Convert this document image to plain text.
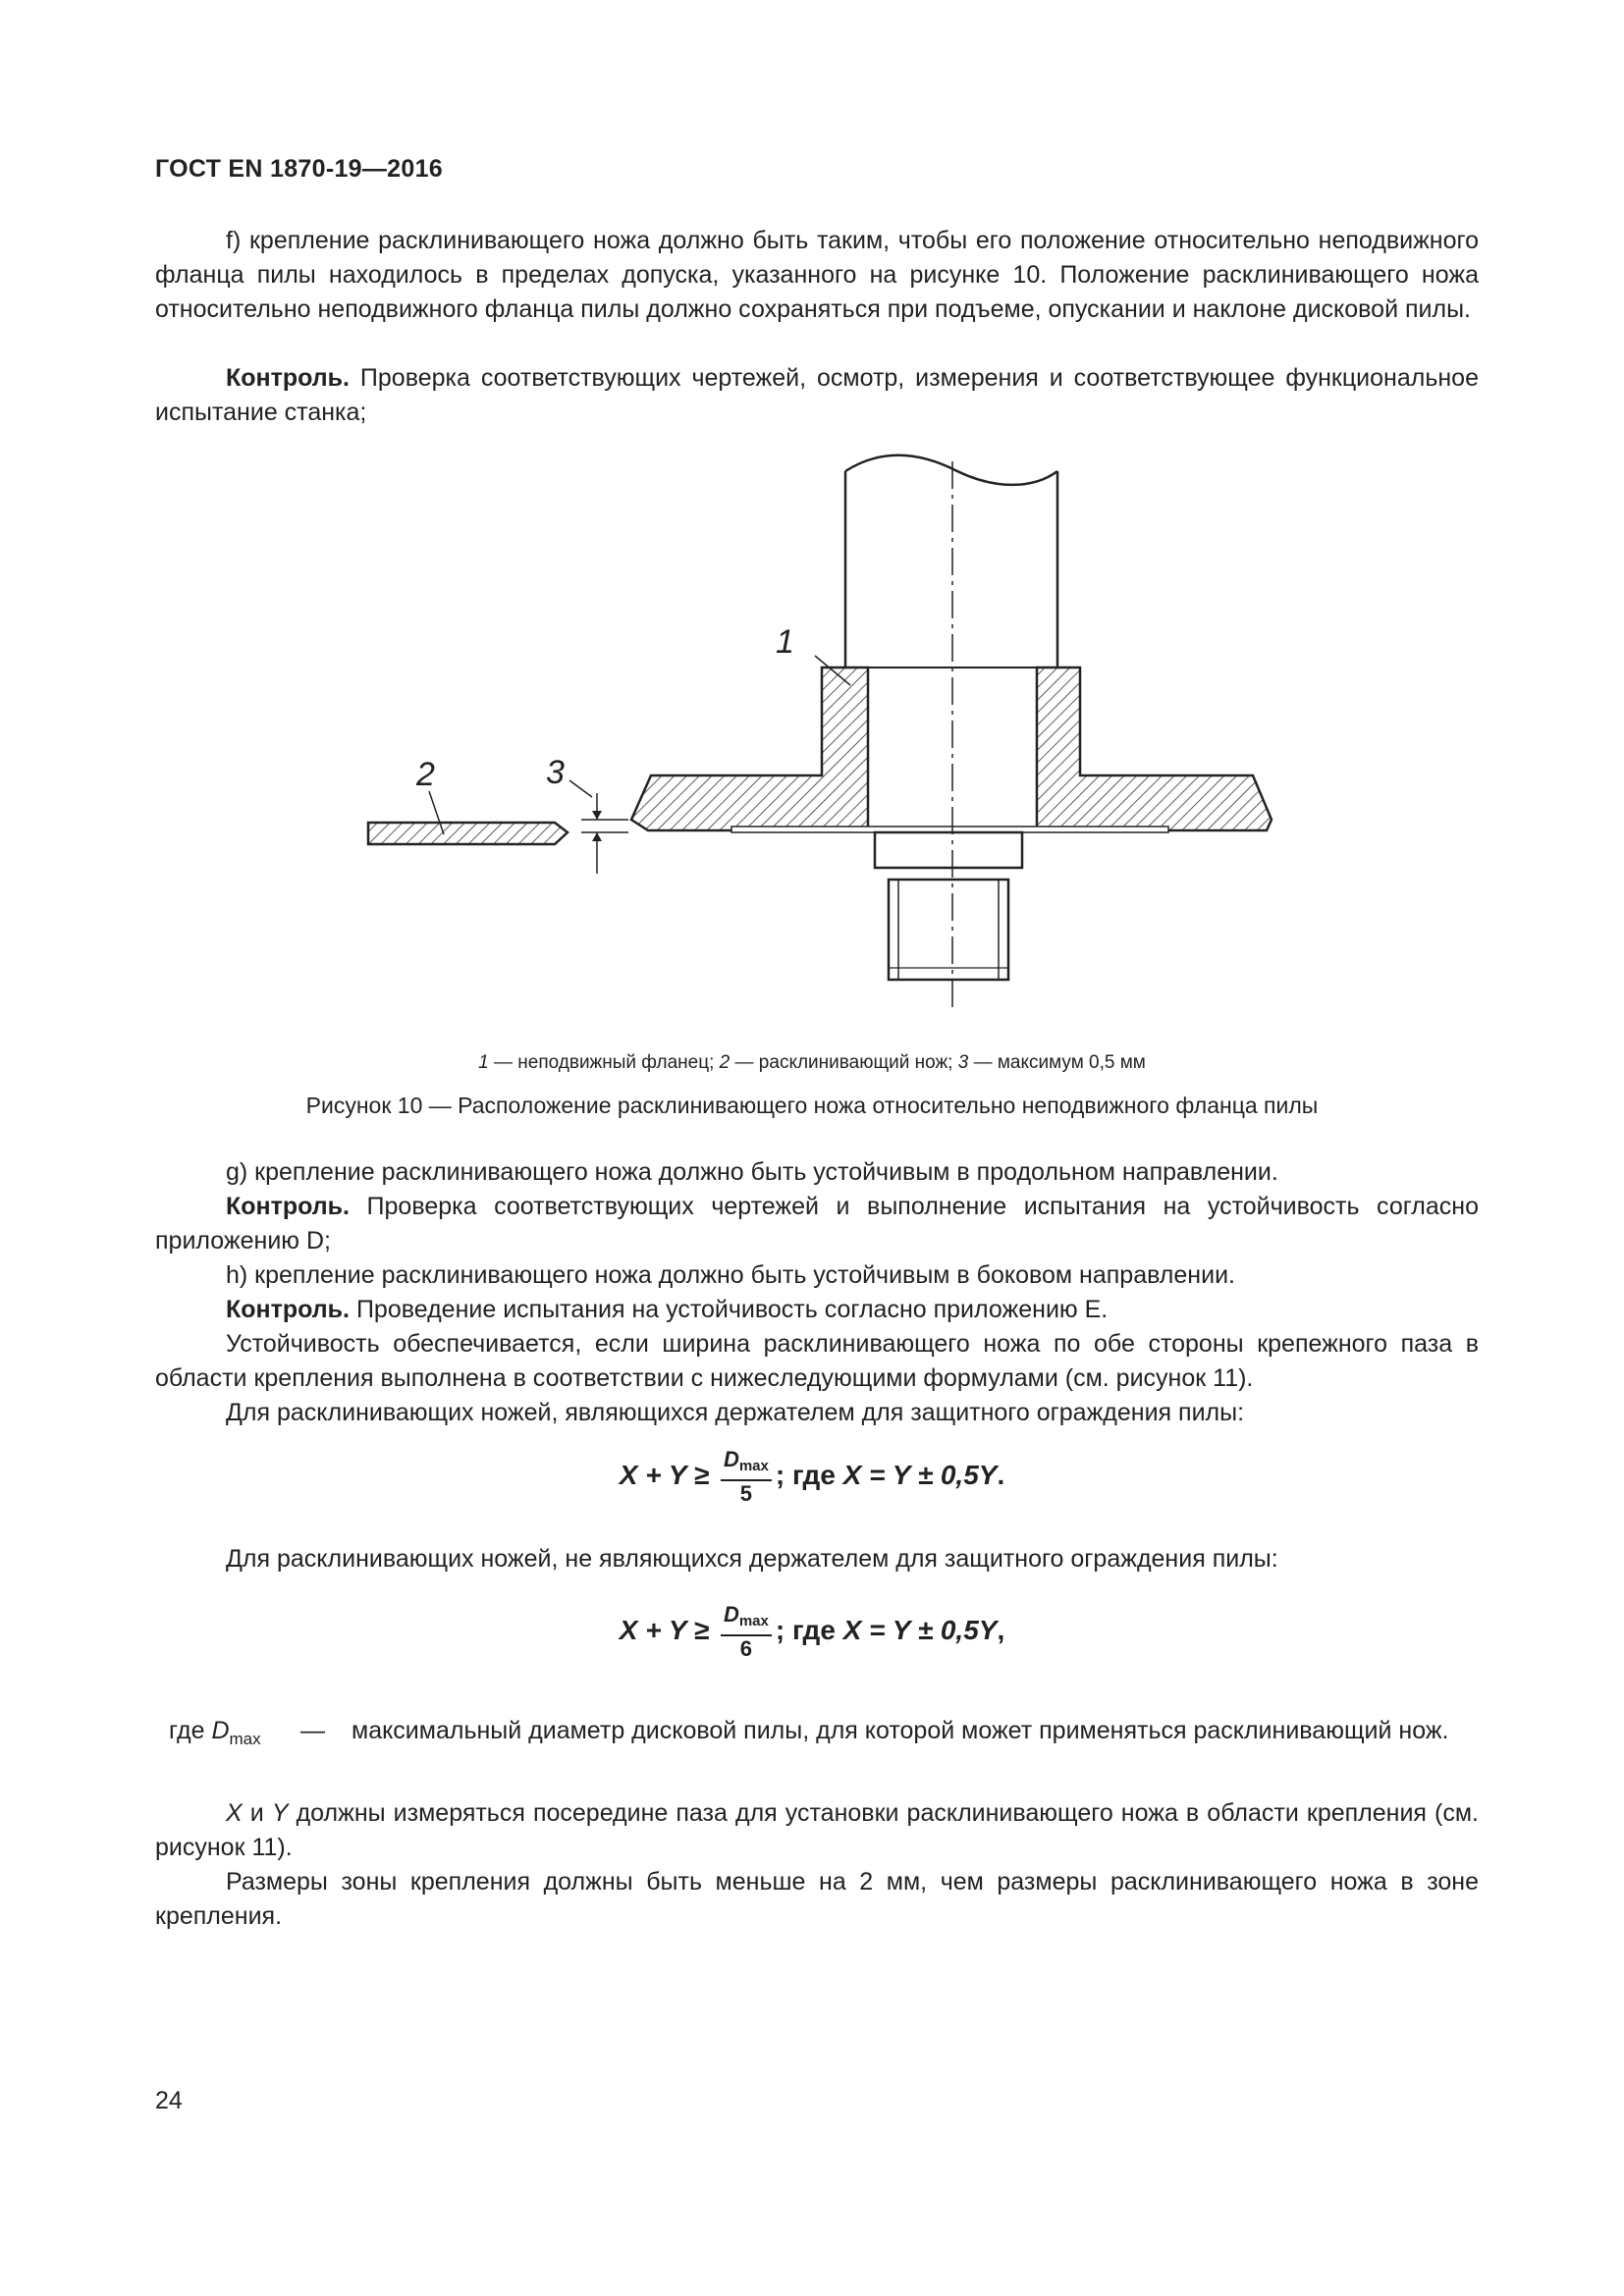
ГОСТ EN 1870-19—2016

f) крепление расклинивающего ножа должно быть таким, чтобы его положение относительно неподвижного фланца пилы находилось в пределах допуска, указанного на рисунке 10. Положение расклинивающего ножа относительно неподвижного фланца пилы должно сохраняться при подъеме, опускании и наклоне дисковой пилы.

Контроль. Проверка соответствующих чертежей, осмотр, измерения и соответствующее функциональное испытание станка;

1
2	3
1 — неподвижный фланец; 2 — расклинивающий нож; 3 — максимум 0,5 мм
Рисунок 10 — Расположение расклинивающего ножа относительно неподвижного фланца пилы

g) крепление расклинивающего ножа должно быть устойчивым в продольном направлении.

Контроль. Проверка соответствующих чертежей и выполнение испытания на устойчивость согласно приложению D;

h) крепление расклинивающего ножа должно быть устойчивым в боковом направлении.

Контроль. Проведение испытания на устойчивость согласно приложению E.

Устойчивость обеспечивается, если ширина расклинивающего ножа по обе стороны крепежного паза в области крепления выполнена в соответствии с нижеследующими формулами (см. рисунок 11).

Для расклинивающих ножей, являющихся держателем для защитного ограждения пилы:

$X + Y \ge \frac{D_{max}}{5}$ ; где X = Y ± 0,5Y.

Для расклинивающих ножей, не являющихся держателем для защитного ограждения пилы:

$X + Y \ge \frac{D_{max}}{6}$ ; где X = Y ± 0,5Y,
где $D_{max}$ — максимальный диаметр дисковой пилы, для которой может применяться расклинивающий нож.

X и Y должны измеряться посередине паза для установки расклинивающего ножа в области крепления (см. рисунок 11).

Размеры зоны крепления должны быть меньше на 2 мм, чем размеры расклинивающего ножа в зоне крепления.

24
